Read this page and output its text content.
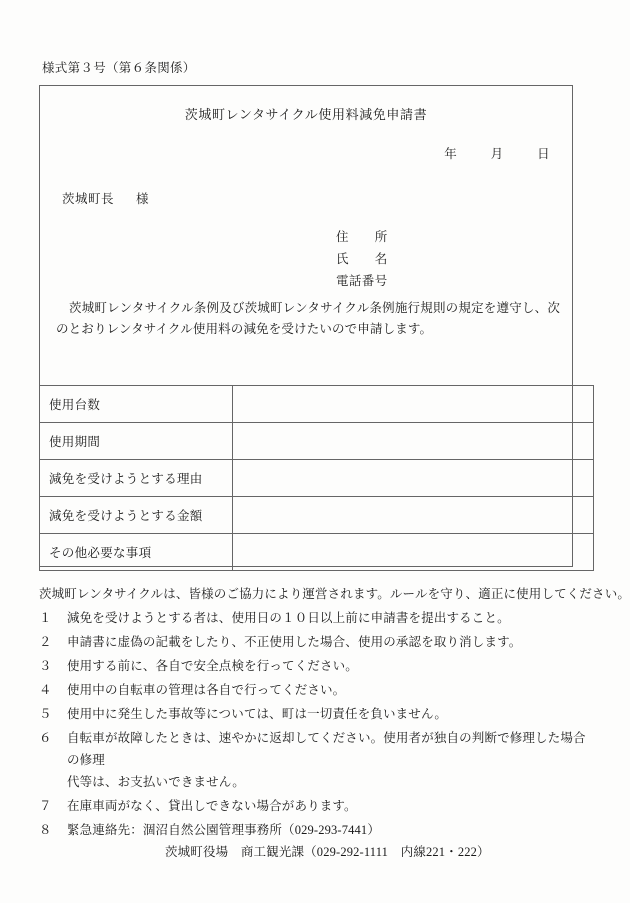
様式第３号（第６条関係）
茨城町レンタサイクル使用料減免申請書
年	月	日
茨城町長 様
住　　所
氏　　名
電話番号
茨城町レンタサイクル条例及び茨城町レンタサイクル条例施行規則の規定を遵守し、次のとおりレンタサイクル使用料の減免を受けたいので申請します。
使用台数	
使用期間	
減免を受けようとする理由	
減免を受けようとする金額	
その他必要な事項	
茨城町レンタサイクルは、皆様のご協力により運営されます。ルールを守り、適正に使用してください。
１	減免を受けようとする者は、使用日の１０日以上前に申請書を提出すること。
２	申請書に虚偽の記載をしたり、不正使用した場合、使用の承認を取り消します。
３	使用する前に、各自で安全点検を行ってください。
４	使用中の自転車の管理は各自で行ってください。
５	使用中に発生した事故等については、町は一切責任を負いません。
６	自転車が故障したときは、速やかに返却してください。使用者が独自の判断で修理した場合の修理
代等は、お支払いできません。
７	在庫車両がなく、貸出しできない場合があります。
８	緊急連絡先：涸沼自然公園管理事務所（029-293-7441）
茨城町役場　商工観光課（029-292-1111　内線221・222）
